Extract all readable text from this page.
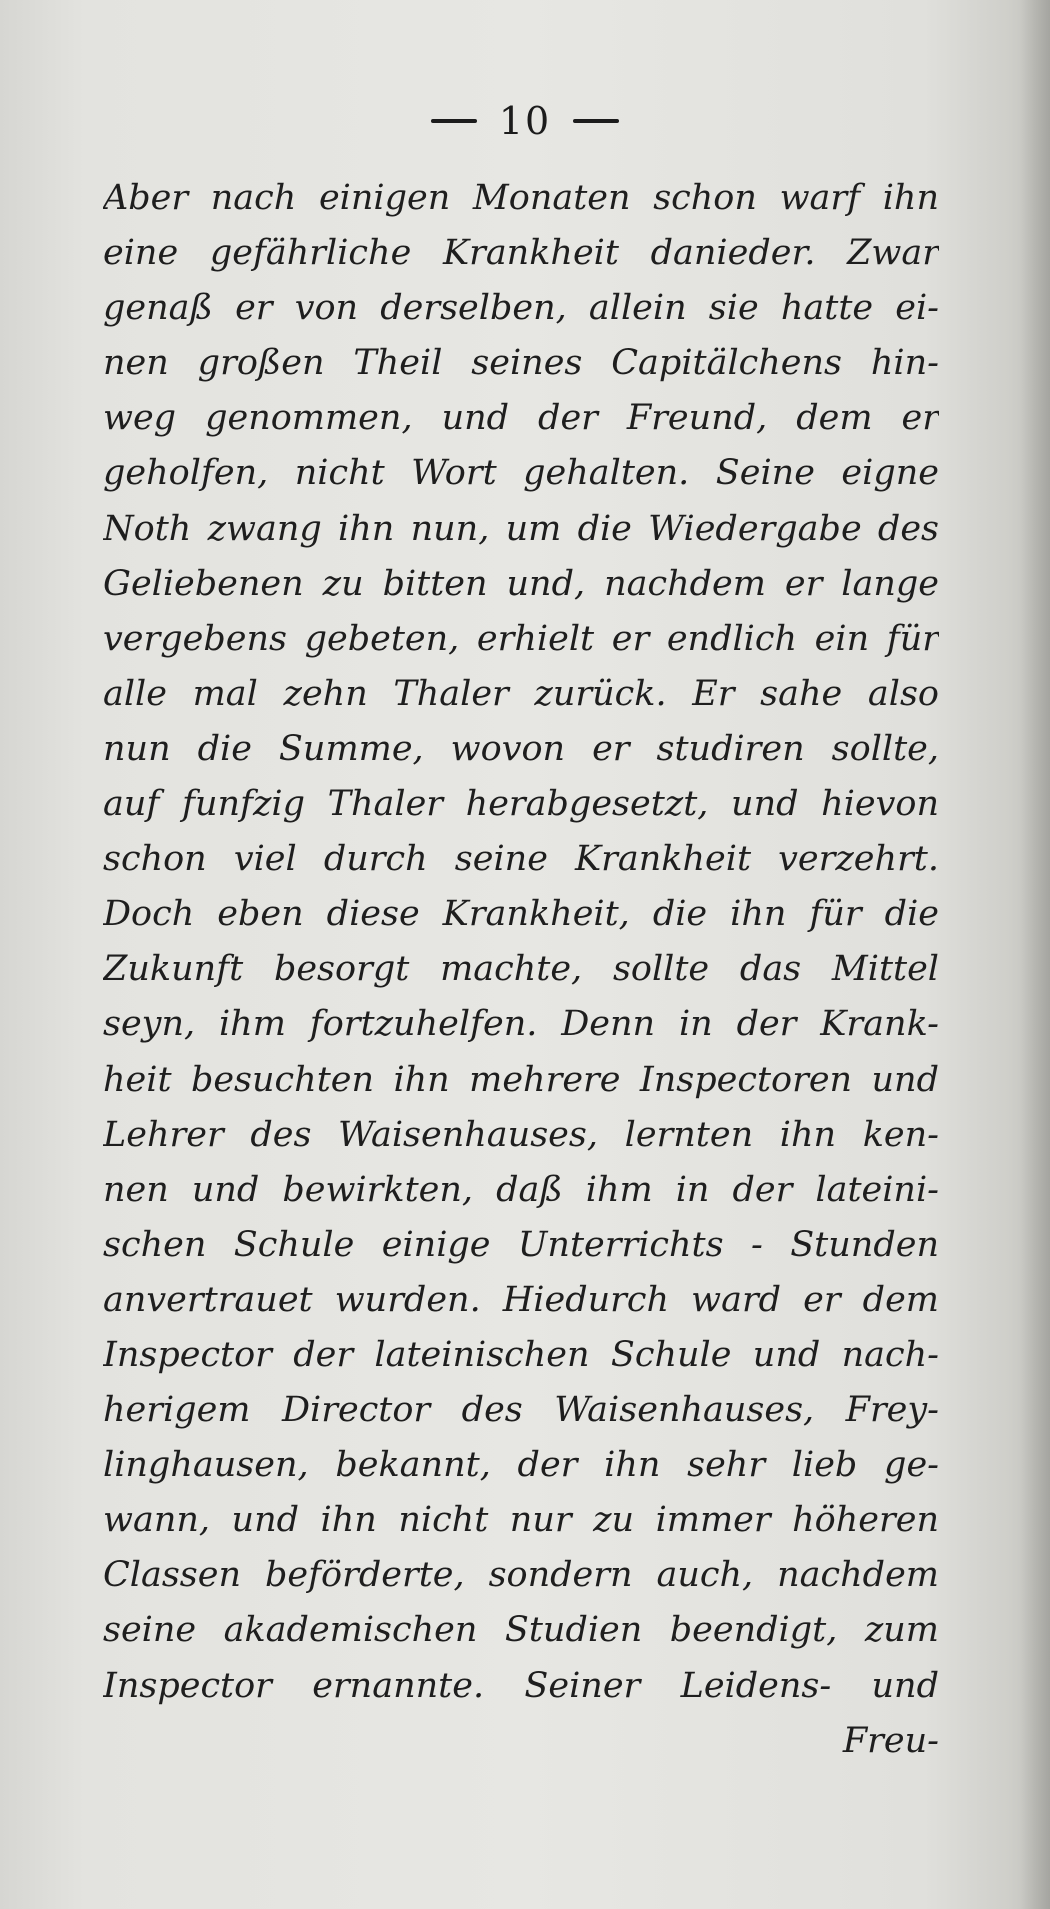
10
Aber nach einigen Monaten schon warf ihn
eine gefährliche Krankheit danieder. Zwar
genaß er von derselben, allein sie hatte ei-
nen großen Theil seines Capitälchens hin-
weg genommen, und der Freund, dem er
geholfen, nicht Wort gehalten. Seine eigne
Noth zwang ihn nun, um die Wiedergabe des
Geliebenen zu bitten und, nachdem er lange
vergebens gebeten, erhielt er endlich ein für
alle mal zehn Thaler zurück. Er sahe also
nun die Summe, wovon er studiren sollte,
auf funfzig Thaler herabgesetzt, und hievon
schon viel durch seine Krankheit verzehrt.
Doch eben diese Krankheit, die ihn für die
Zukunft besorgt machte, sollte das Mittel
seyn, ihm fortzuhelfen. Denn in der Krank-
heit besuchten ihn mehrere Inspectoren und
Lehrer des Waisenhauses, lernten ihn ken-
nen und bewirkten, daß ihm in der lateini-
schen Schule einige Unterrichts - Stunden
anvertrauet wurden. Hiedurch ward er dem
Inspector der lateinischen Schule und nach-
herigem Director des Waisenhauses, Frey-
linghausen, bekannt, der ihn sehr lieb ge-
wann, und ihn nicht nur zu immer höheren
Classen beförderte, sondern auch, nachdem
seine akademischen Studien beendigt, zum
Inspector ernannte. Seiner Leidens- und
Freu-
